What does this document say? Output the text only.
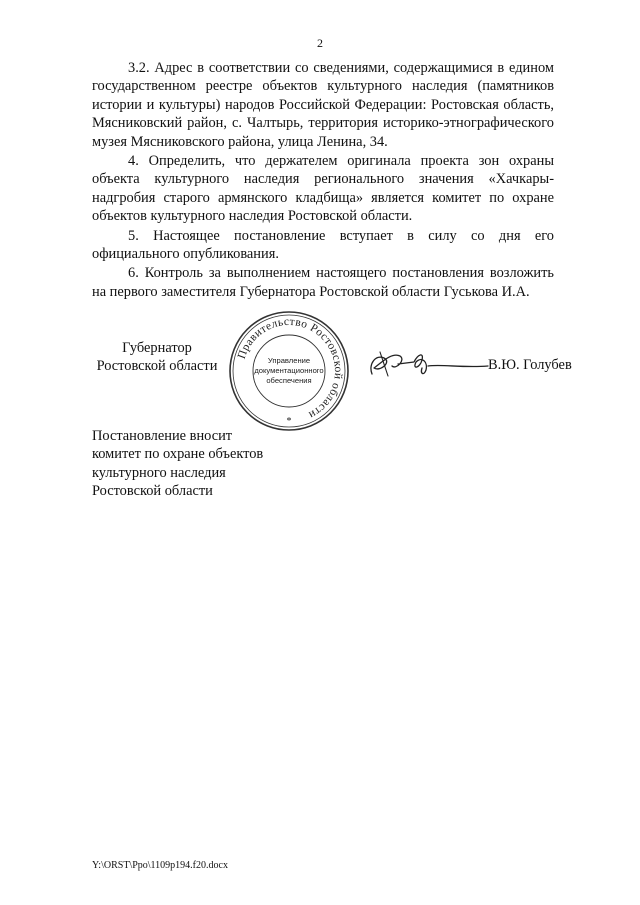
2

3.2. Адрес в соответствии со сведениями, содержащимися в едином государственном реестре объектов культурного наследия (памятников истории и культуры) народов Российской Федерации: Ростовская область, Мясниковский район, с. Чалтырь, территория историко-этнографического музея Мясниковского района, улица Ленина, 34.

4. Определить, что держателем оригинала проекта зон охраны объекта культурного наследия регионального значения «Хачкары-надгробия старого армянского кладбища» является комитет по охране объектов культурного наследия Ростовской области.

5. Настоящее постановление вступает в силу со дня его официального опубликования.

6. Контроль за выполнением настоящего постановления возложить на первого заместителя Губернатора Ростовской области Гуськова И.А.

Губернатор
Ростовской области
Правительство Ростовской области
*
Управление
документационного
обеспечения
В.Ю. Голубев
Постановление вносит
комитет по охране объектов
культурного наследия
Ростовской области
Y:\ORST\Ppo\1109p194.f20.docx
